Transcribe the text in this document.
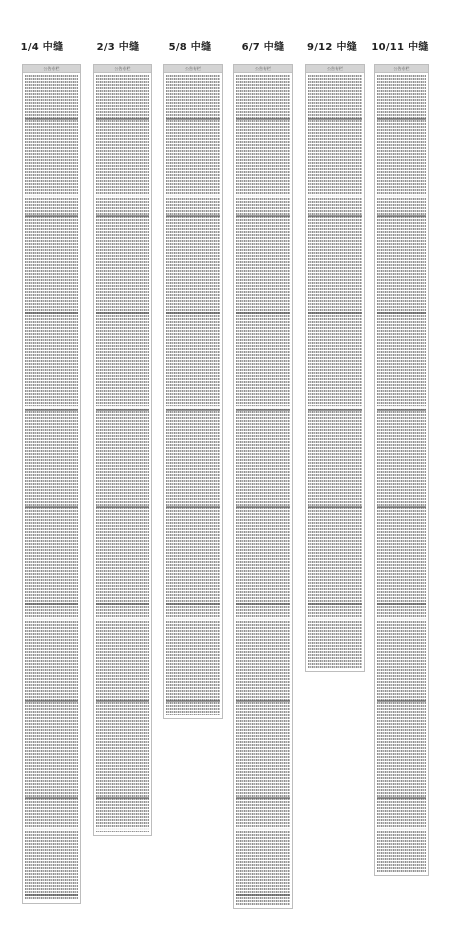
1/4 中缝	2/3 中缝	5/8 中缝	6/7 中缝	9/12 中缝	10/11 中缝
公告专栏	公告专栏	公告专栏	公告专栏	公告专栏	公告专栏
